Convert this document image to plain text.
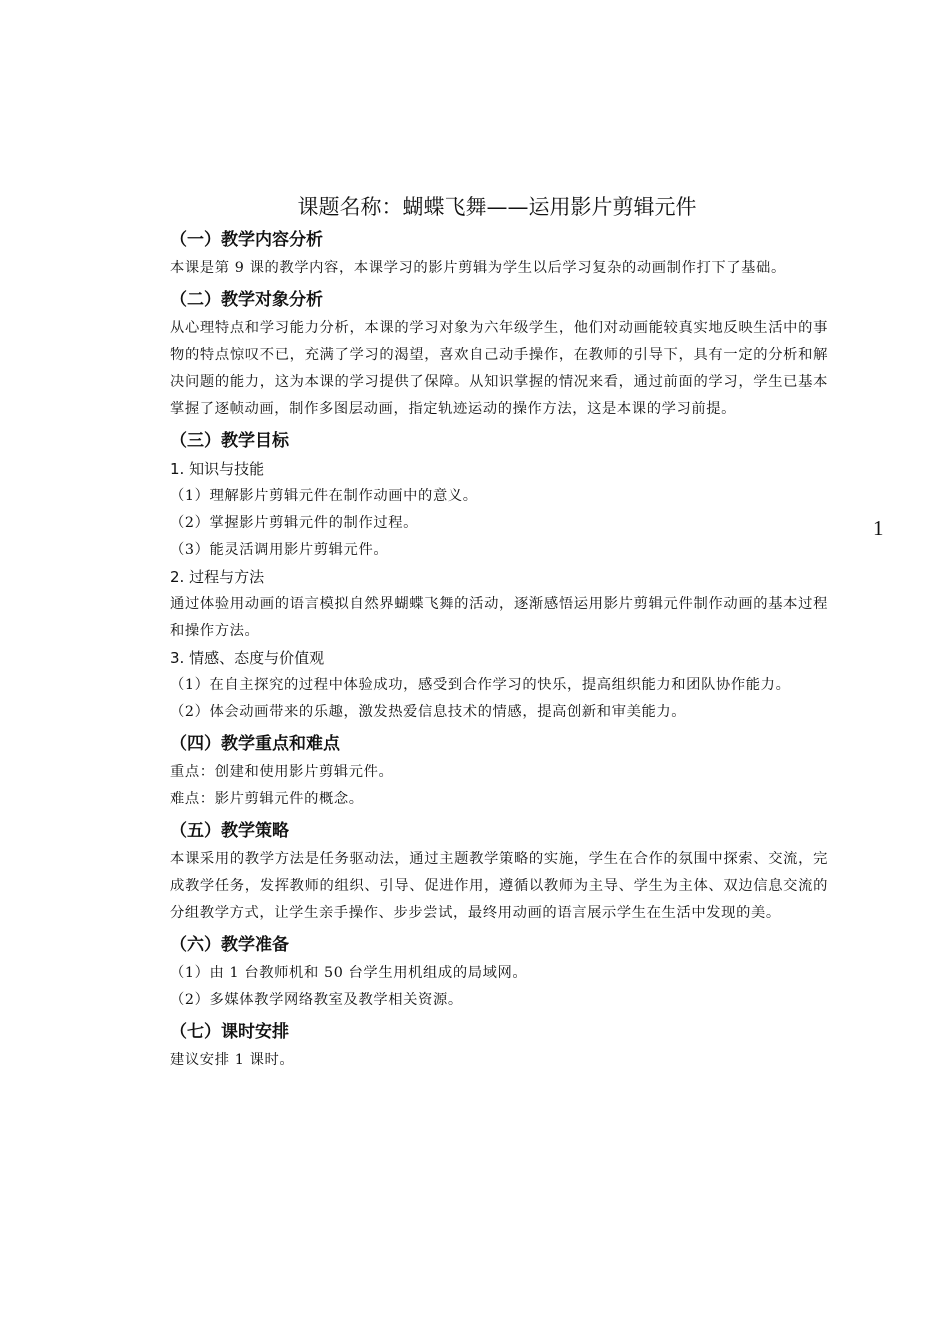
1
课题名称：蝴蝶飞舞——运用影片剪辑元件
（一）教学内容分析
本课是第 9 课的教学内容，本课学习的影片剪辑为学生以后学习复杂的动画制作打下了基础。
（二）教学对象分析
从心理特点和学习能力分析，本课的学习对象为六年级学生，他们对动画能较真实地反映生活中的事物的特点惊叹不已，充满了学习的渴望，喜欢自己动手操作，在教师的引导下，具有一定的分析和解决问题的能力，这为本课的学习提供了保障。从知识掌握的情况来看，通过前面的学习，学生已基本掌握了逐帧动画，制作多图层动画，指定轨迹运动的操作方法，这是本课的学习前提。
（三）教学目标
1. 知识与技能
（1）理解影片剪辑元件在制作动画中的意义。
（2）掌握影片剪辑元件的制作过程。
（3）能灵活调用影片剪辑元件。
2. 过程与方法
通过体验用动画的语言模拟自然界蝴蝶飞舞的活动，逐渐感悟运用影片剪辑元件制作动画的基本过程和操作方法。
3. 情感、态度与价值观
（1）在自主探究的过程中体验成功，感受到合作学习的快乐，提高组织能力和团队协作能力。
（2）体会动画带来的乐趣，激发热爱信息技术的情感，提高创新和审美能力。
（四）教学重点和难点
重点：创建和使用影片剪辑元件。
难点：影片剪辑元件的概念。
（五）教学策略
本课采用的教学方法是任务驱动法，通过主题教学策略的实施，学生在合作的氛围中探索、交流，完成教学任务，发挥教师的组织、引导、促进作用，遵循以教师为主导、学生为主体、双边信息交流的分组教学方式，让学生亲手操作、步步尝试，最终用动画的语言展示学生在生活中发现的美。
（六）教学准备
（1）由 1 台教师机和 50 台学生用机组成的局域网。
（2）多媒体教学网络教室及教学相关资源。
（七）课时安排
建议安排 1 课时。
